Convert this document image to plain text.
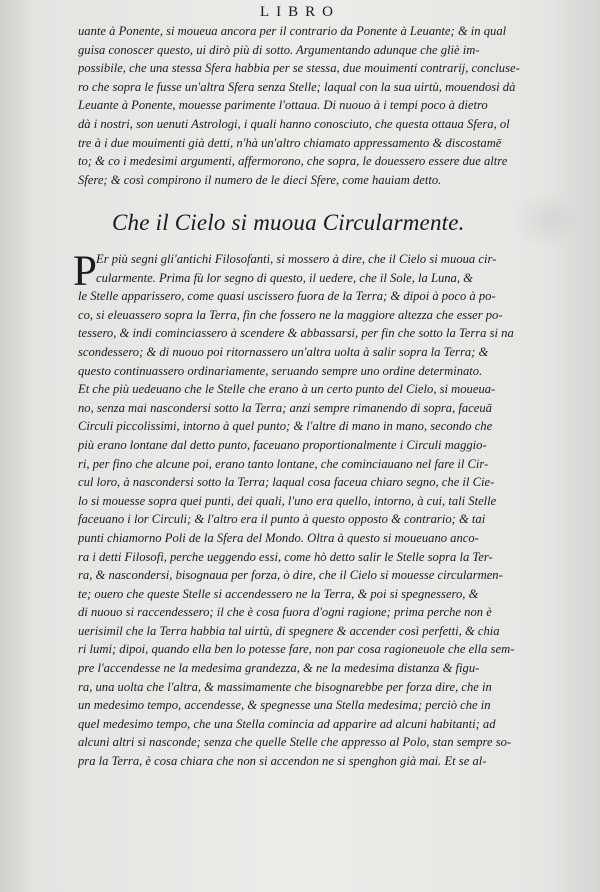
LIBRO
uante à Ponente, si moueua ancora per il contrario da Ponente à Leuante; & in qual
guisa conoscer questo, ui dirò più di sotto. Argumentando adunque che gliè im-
possibile, che una stessa Sfera habbia per se stessa, due mouimenti contrarij, concluse-
ro che sopra le fusse un'altra Sfera senza Stelle; laqual con la sua uirtù, mouendosi dà
Leuante à Ponente, mouesse parimente l'ottaua. Di nuouo à i tempi poco à dietro
dà i nostri, son uenuti Astrologi, i quali hanno conosciuto, che questa ottaua Sfera, ol
tre à i due mouimenti già detti, n'hà un'altro chiamato appressamento & discostamē
to; & co i medesimi argumenti, affermorono, che sopra, le douessero essere due altre
Sfere; & così compirono il numero de le dieci Sfere, come hauiam detto.
Che il Cielo si muoua Circularmente.
P Er più segni gli'antichi Filosofanti, si mossero à dire, che il Cielo si muoua cir-
cularmente. Prima fù lor segno di questo, il uedere, che il Sole, la Luna, &
le Stelle apparissero, come quasi uscissero fuora de la Terra; & dipoi à poco à po-
co, si eleuassero sopra la Terra, fin che fossero ne la maggiore altezza che esser po-
tessero, & indi cominciassero à scendere & abbassarsi, per fin che sotto la Terra si na
scondessero; & di nuouo poi ritornassero un'altra uolta à salir sopra la Terra; &
questo continuassero ordinariamente, seruando sempre uno ordine determinato.
Et che più uedeuano che le Stelle che erano à un certo punto del Cielo, si moueua-
no, senza mai nascondersi sotto la Terra; anzi sempre rimanendo di sopra, faceuā
Circuli piccolissimi, intorno à quel punto; & l'altre di mano in mano, secondo che
più erano lontane dal detto punto, faceuano proportionalmente i Circuli maggio-
ri, per fino che alcune poi, erano tanto lontane, che cominciauano nel fare il Cir-
cul loro, à nascondersi sotto la Terra; laqual cosa faceua chiaro segno, che il Cie-
lo si mouesse sopra quei punti, dei quali, l'uno era quello, intorno, à cui, tali Stelle
faceuano i lor Circuli; & l'altro era il punto à questo opposto & contrario; & tai
punti chiamorno Poli de la Sfera del Mondo. Oltra à questo si moueuano anco-
ra i detti Filosofi, perche ueggendo essi, come hò detto salir le Stelle sopra la Ter-
ra, & nascondersi, bisognaua per forza, ò dire, che il Cielo si mouesse circularmen-
te; ouero che queste Stelle si accendessero ne la Terra, & poi si spegnessero, &
di nuouo si raccendessero; il che è cosa fuora d'ogni ragione; prima perche non è
uerisimil che la Terra habbia tal uirtù, di spegnere & accender così perfetti, & chia
ri lumi; dipoi, quando ella ben lo potesse fare, non par cosa ragioneuole che ella sem-
pre l'accendesse ne la medesima grandezza, & ne la medesima distanza & figu-
ra, una uolta che l'altra, & massimamente che bisognarebbe per forza dire, che in
un medesimo tempo, accendesse, & spegnesse una Stella medesima; perciò che in
quel medesimo tempo, che una Stella comincia ad apparire ad alcuni habitanti; ad
alcuni altri si nasconde; senza che quelle Stelle che appresso al Polo, stan sempre so-
pra la Terra, è cosa chiara che non si accendon ne si spenghon già mai. Et se al-
